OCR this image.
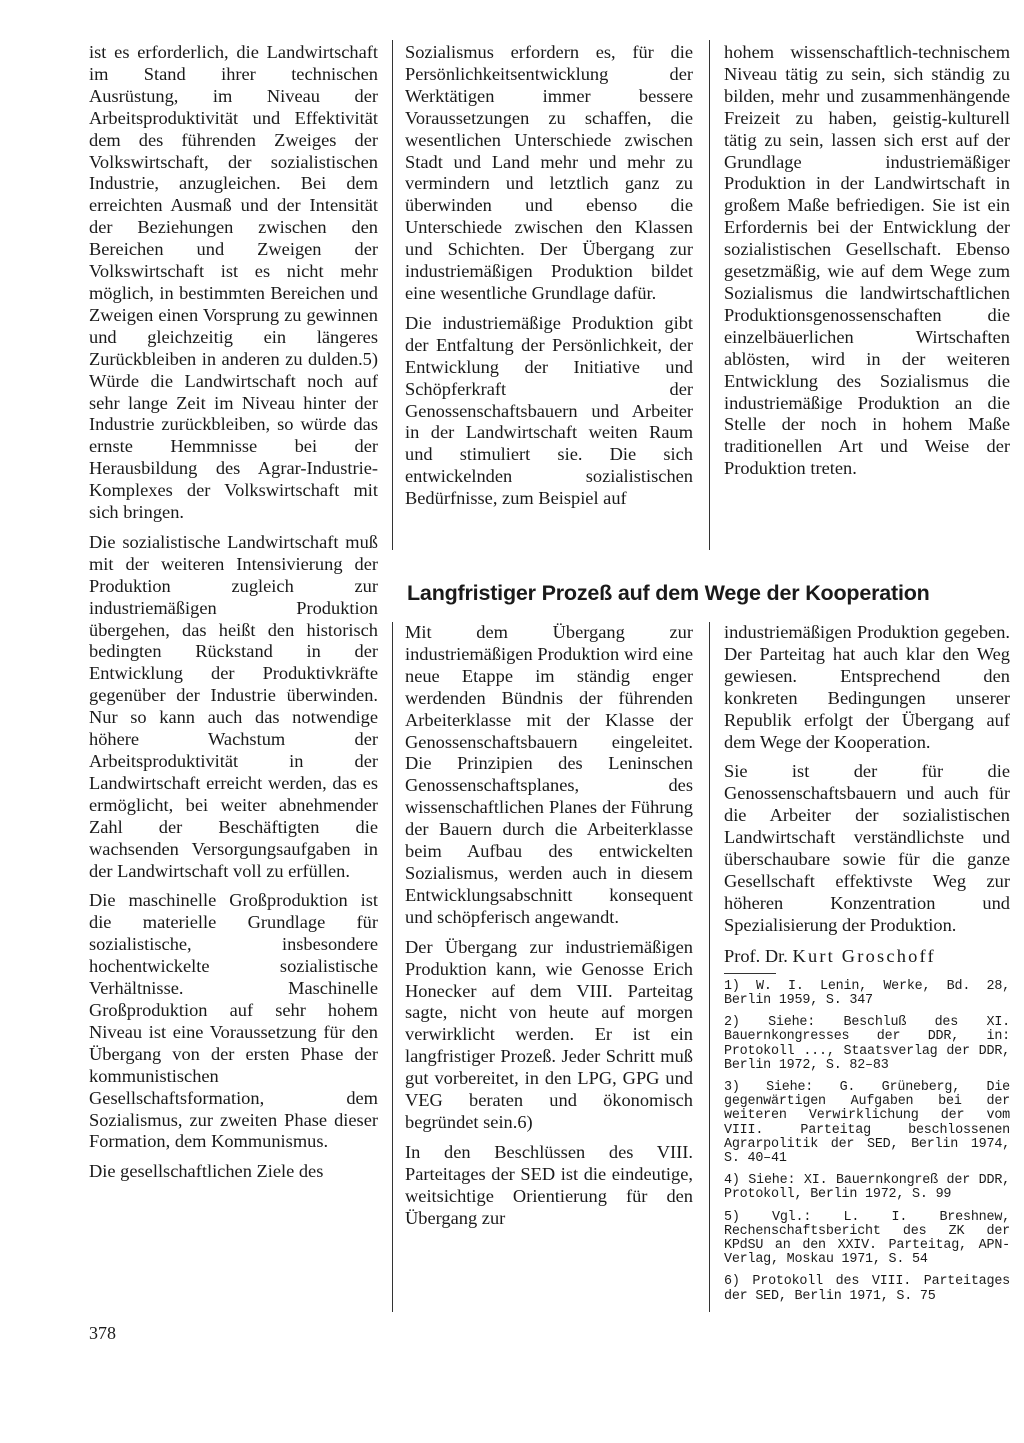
ist es erforderlich, die Landwirtschaft im Stand ihrer technischen Ausrüstung, im Niveau der Arbeitsproduktivität und Effektivität dem des führenden Zweiges der Volkswirtschaft, der sozialistischen Industrie, anzugleichen. Bei dem erreichten Ausmaß und der Intensität der Beziehungen zwischen den Bereichen und Zweigen der Volkswirtschaft ist es nicht mehr möglich, in bestimmten Bereichen und Zweigen einen Vorsprung zu gewinnen und gleichzeitig ein längeres Zurückbleiben in anderen zu dulden.5) Würde die Landwirtschaft noch auf sehr lange Zeit im Niveau hinter der Industrie zurückbleiben, so würde das ernste Hemmnisse bei der Herausbildung des Agrar-Industrie-Komplexes der Volkswirtschaft mit sich bringen.

Die sozialistische Landwirtschaft muß mit der weiteren Intensivierung der Produktion zugleich zur industriemäßigen Produktion übergehen, das heißt den historisch bedingten Rückstand in der Entwicklung der Produktivkräfte gegenüber der Industrie überwinden. Nur so kann auch das notwendige höhere Wachstum der Arbeitsproduktivität in der Landwirtschaft erreicht werden, das es ermöglicht, bei weiter abnehmender Zahl der Beschäftigten die wachsenden Versorgungsaufgaben in der Landwirtschaft voll zu erfüllen.

Die maschinelle Großproduktion ist die materielle Grundlage für sozialistische, insbesondere hochentwickelte sozialistische Verhältnisse. Maschinelle Großproduktion auf sehr hohem Niveau ist eine Voraussetzung für den Übergang von der ersten Phase der kommunistischen Gesellschaftsformation, dem Sozialismus, zur zweiten Phase dieser Formation, dem Kommunismus.

Die gesellschaftlichen Ziele des

Sozialismus erfordern es, für die Persönlichkeitsentwicklung der Werktätigen immer bessere Voraussetzungen zu schaffen, die wesentlichen Unterschiede zwischen Stadt und Land mehr und mehr zu vermindern und letztlich ganz zu überwinden und ebenso die Unterschiede zwischen den Klassen und Schichten. Der Übergang zur industriemäßigen Produktion bildet eine wesentliche Grundlage dafür.

Die industriemäßige Produktion gibt der Entfaltung der Persönlichkeit, der Entwicklung der Initiative und Schöpferkraft der Genossenschaftsbauern und Arbeiter in der Landwirtschaft weiten Raum und stimuliert sie. Die sich entwickelnden sozialistischen Bedürfnisse, zum Beispiel auf

hohem wissenschaftlich-technischem Niveau tätig zu sein, sich ständig zu bilden, mehr und zusammenhängende Freizeit zu haben, geistig-kulturell tätig zu sein, lassen sich erst auf der Grundlage industriemäßiger Produktion in der Landwirtschaft in großem Maße befriedigen. Sie ist ein Erfordernis bei der Entwicklung der sozialistischen Gesellschaft. Ebenso gesetzmäßig, wie auf dem Wege zum Sozialismus die landwirtschaftlichen Produktionsgenossenschaften die einzelbäuerlichen Wirtschaften ablösten, wird in der weiteren Entwicklung des Sozialismus die industriemäßige Produktion an die Stelle der noch in hohem Maße traditionellen Art und Weise der Produktion treten.

Langfristiger Prozeß auf dem Wege der Kooperation

Mit dem Übergang zur industriemäßigen Produktion wird eine neue Etappe im ständig enger werdenden Bündnis der führenden Arbeiterklasse mit der Klasse der Genossenschaftsbauern eingeleitet. Die Prinzipien des Leninschen Genossenschaftsplanes, des wissenschaftlichen Planes der Führung der Bauern durch die Arbeiterklasse beim Aufbau des entwickelten Sozialismus, werden auch in diesem Entwicklungsabschnitt konsequent und schöpferisch angewandt.

Der Übergang zur industriemäßigen Produktion kann, wie Genosse Erich Honecker auf dem VIII. Parteitag sagte, nicht von heute auf morgen verwirklicht werden. Er ist ein langfristiger Prozeß. Jeder Schritt muß gut vorbereitet, in den LPG, GPG und VEG beraten und ökonomisch begründet sein.6)

In den Beschlüssen des VIII. Parteitages der SED ist die eindeutige, weitsichtige Orientierung für den Übergang zur

industriemäßigen Produktion gegeben. Der Parteitag hat auch klar den Weg gewiesen. Entsprechend den konkreten Bedingungen unserer Republik erfolgt der Übergang auf dem Wege der Kooperation.

Sie ist der für die Genossenschaftsbauern und auch für die Arbeiter der sozialistischen Landwirtschaft verständlichste und überschaubare sowie für die ganze Gesellschaft effektivste Weg zur höheren Konzentration und Spezialisierung der Produktion.

Prof. Dr. Kurt Groschoff

1) W. I. Lenin, Werke, Bd. 28, Berlin 1959, S. 347

2) Siehe: Beschluß des XI. Bauernkongresses der DDR, in: Protokoll ..., Staatsverlag der DDR, Berlin 1972, S. 82–83

3) Siehe: G. Grüneberg, Die gegenwärtigen Aufgaben bei der weiteren Verwirklichung der vom VIII. Parteitag beschlossenen Agrarpolitik der SED, Berlin 1974, S. 40–41

4) Siehe: XI. Bauernkongreß der DDR, Protokoll, Berlin 1972, S. 99

5) Vgl.: L. I. Breshnew, Rechenschaftsbericht des ZK der KPdSU an den XXIV. Parteitag, APN-Verlag, Moskau 1971, S. 54

6) Protokoll des VIII. Parteitages der SED, Berlin 1971, S. 75

378
